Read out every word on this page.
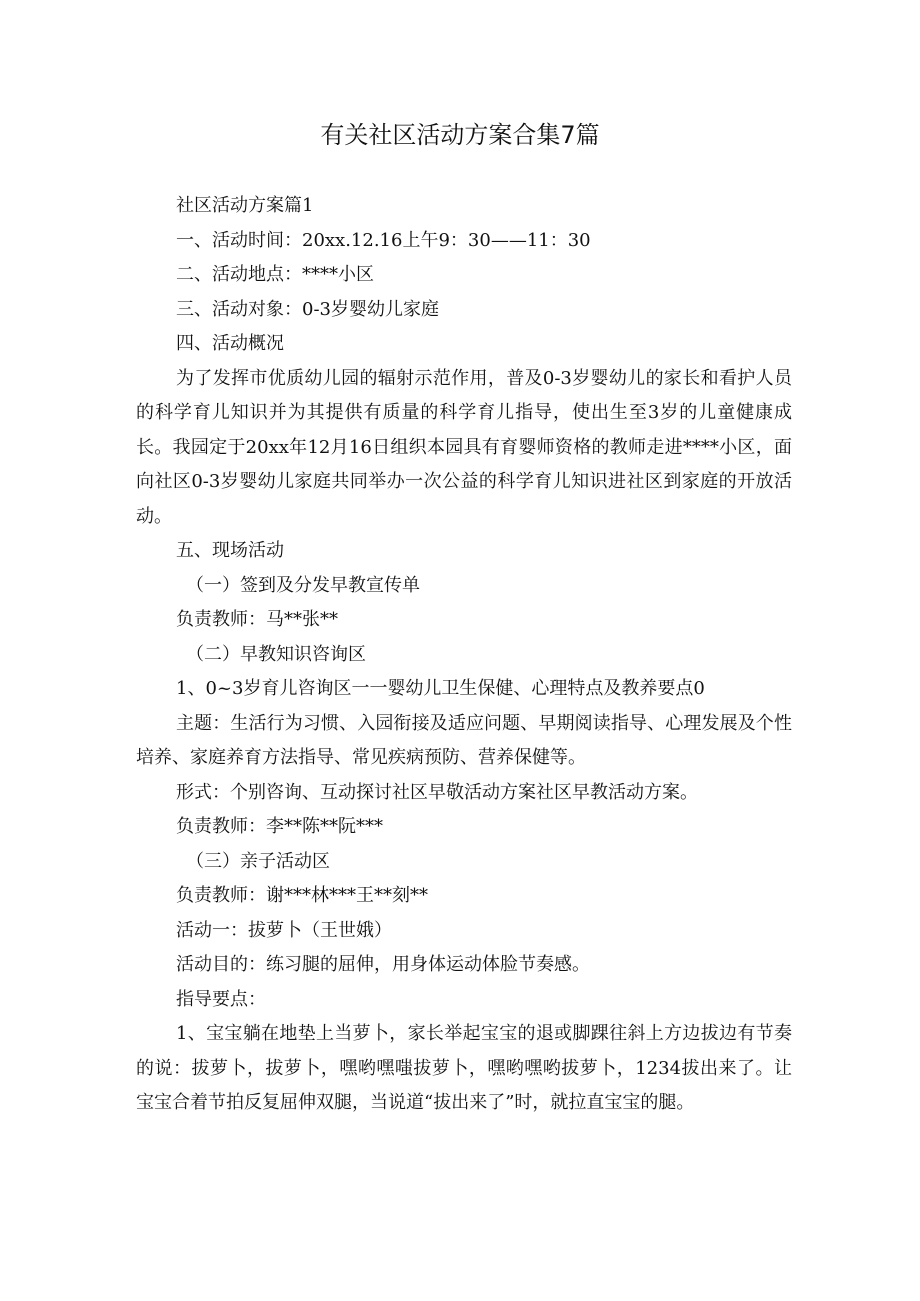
有关社区活动方案合集7篇

社区活动方案篇1

一、活动时间：20xx.12.16上午9：30——11：30

二、活动地点：****小区

三、活动对象：0-3岁婴幼儿家庭

四、活动概况

为了发挥市优质幼儿园的辐射示范作用，普及0-3岁婴幼儿的家长和看护人员的科学育儿知识并为其提供有质量的科学育儿指导，使出生至3岁的儿童健康成长。我园定于20xx年12月16日组织本园具有育婴师资格的教师走进****小区，面向社区0-3岁婴幼儿家庭共同举办一次公益的科学育儿知识进社区到家庭的开放活动。

五、现场活动

（一）签到及分发早教宣传单

负责教师：马**张**

（二）早教知识咨询区

1、0~3岁育儿咨询区一一婴幼儿卫生保健、心理特点及教养要点0

主题：生活行为习惯、入园衔接及适应问题、早期阅读指导、心理发展及个性培养、家庭养育方法指导、常见疾病预防、营养保健等。

形式：个别咨询、互动探讨社区早敬活动方案社区早教活动方案。

负责教师：李**陈**阮***

（三）亲子活动区

负责教师：谢***林***王**刻**

活动一：拔萝卜（王世娥）

活动目的：练习腿的屈伸，用身体运动体脸节奏感。

指导要点：

1、宝宝躺在地垫上当萝卜，家长举起宝宝的退或脚踝往斜上方边拔边有节奏的说：拔萝卜，拔萝卜，嘿哟嘿嗤拔萝卜，嘿哟嘿哟拔萝卜，1234拔出来了。让宝宝合着节拍反复屈伸双腿，当说道“拔出来了”时，就拉直宝宝的腿。
